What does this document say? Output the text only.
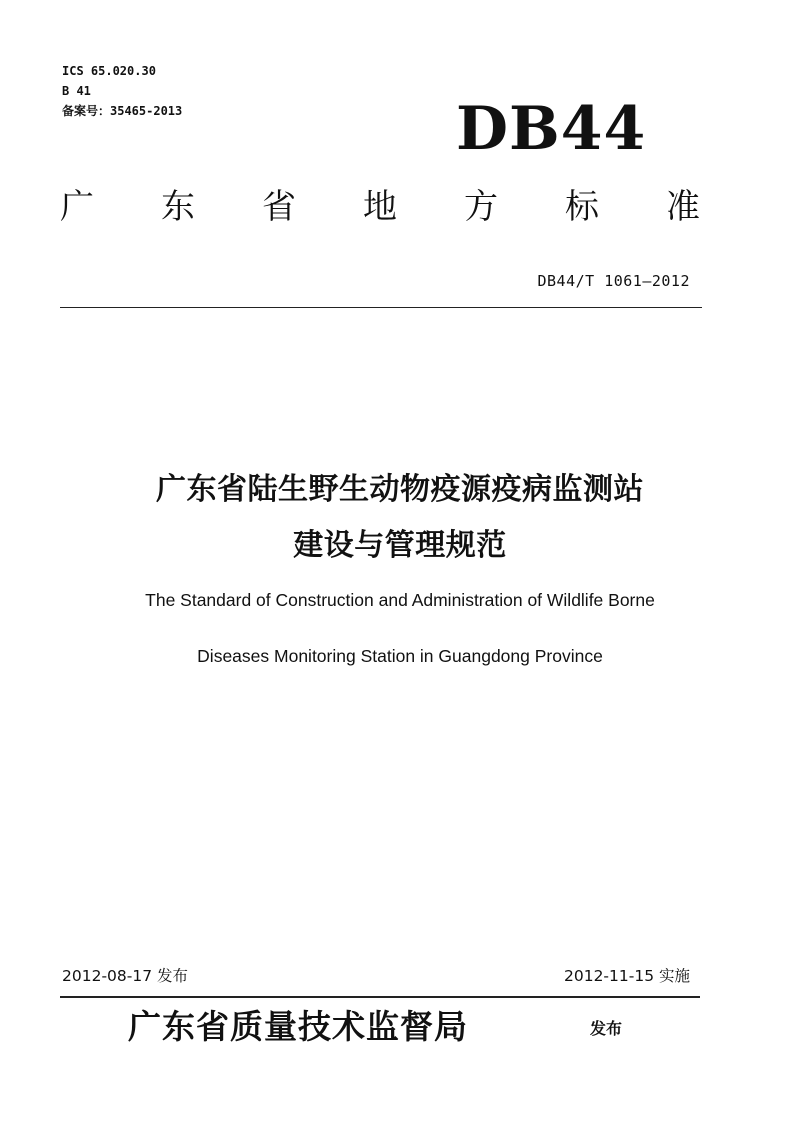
ICS 65.020.30
B 41
备案号：35465-2013	DB44
广 东 省 地 方 标 准
DB44/T 1061—2012
广东省陆生野生动物疫源疫病监测站
建设与管理规范
The Standard of Construction and Administration of Wildlife Borne
Diseases Monitoring Station in Guangdong Province
2012-08-17 发布	2012-11-15 实施
广东省质量技术监督局	发布
